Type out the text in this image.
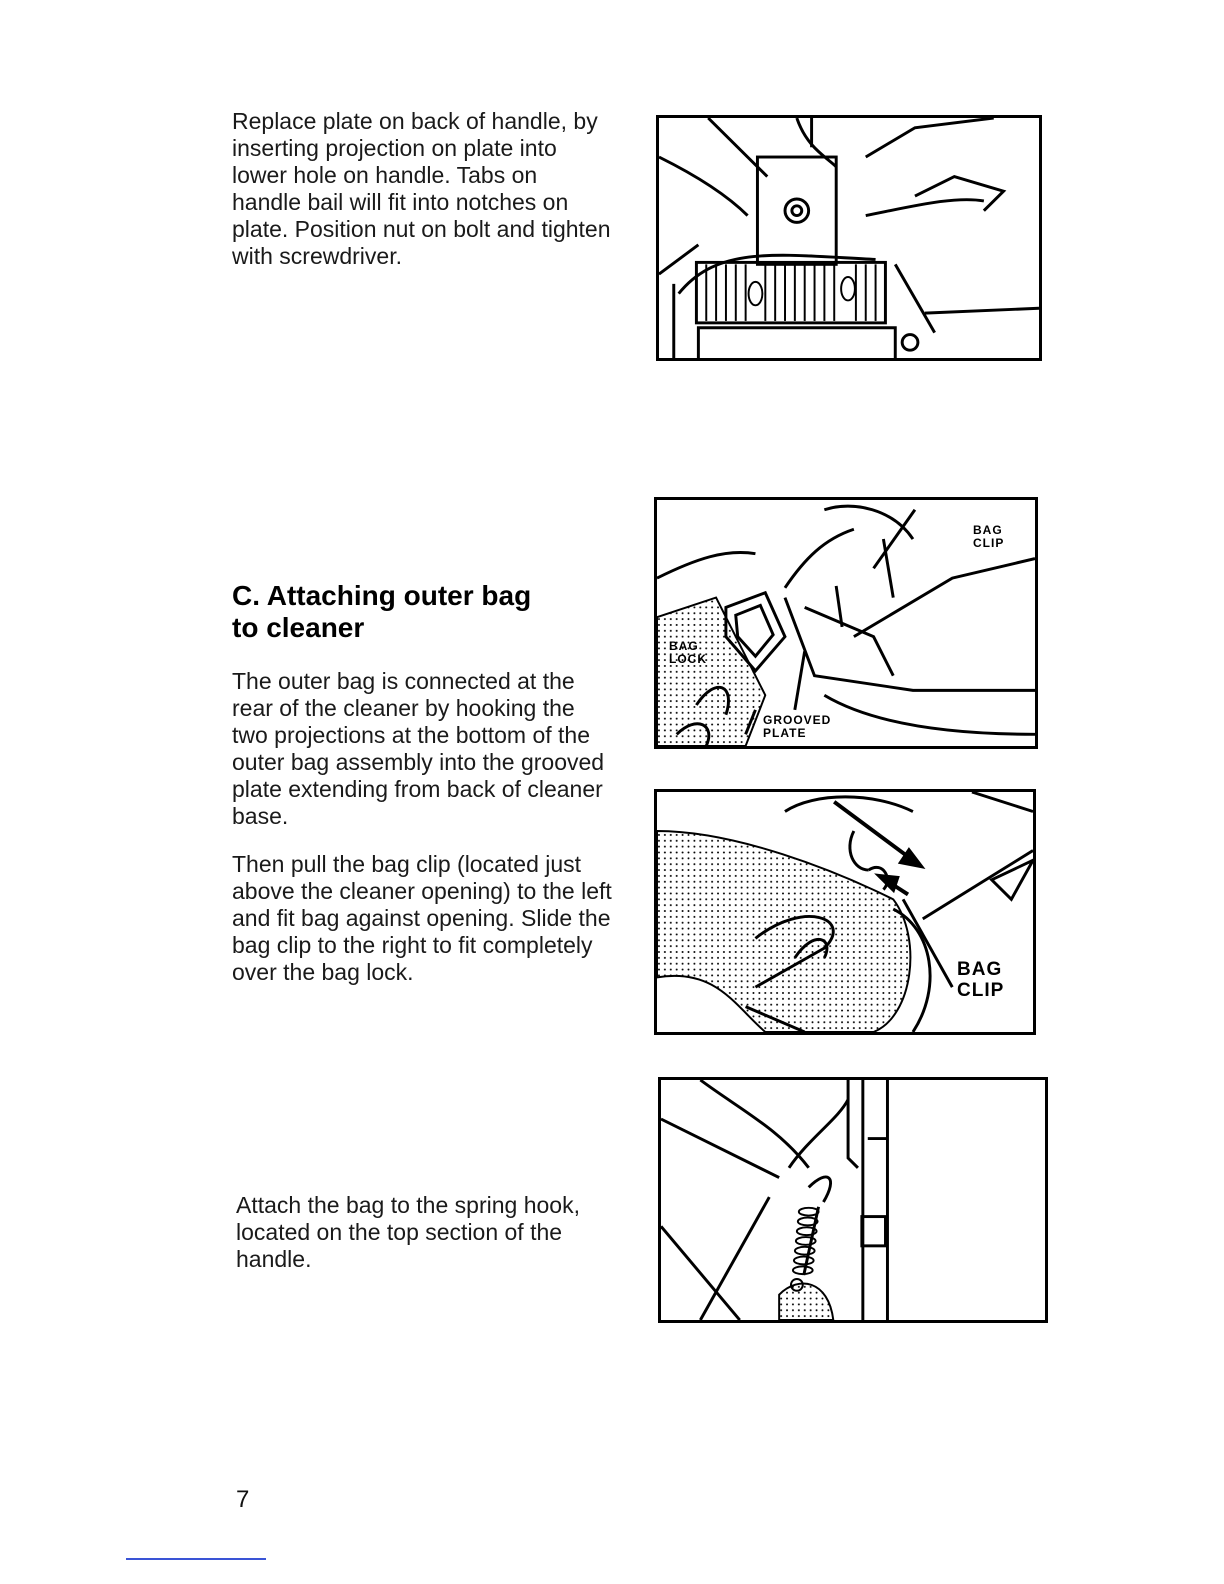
Replace plate on back of handle, by inserting projection on plate into lower hole on handle. Tabs on handle bail will fit into notches on plate. Position nut on bolt and tighten with screwdriver.

C. Attaching outer bag
to cleaner

The outer bag is connected at the rear of the cleaner by hooking the two projections at the bottom of the outer bag assembly into the grooved plate extending from back of cleaner base.

Then pull the bag clip (located just above the cleaner opening) to the left and fit bag against opening. Slide the bag clip to the right to fit completely over the bag lock.

BAG
CLIP
BAG
LOCK
GROOVED
PLATE
BAG
CLIP

Attach the bag to the spring hook, located on the top section of the handle.

7
